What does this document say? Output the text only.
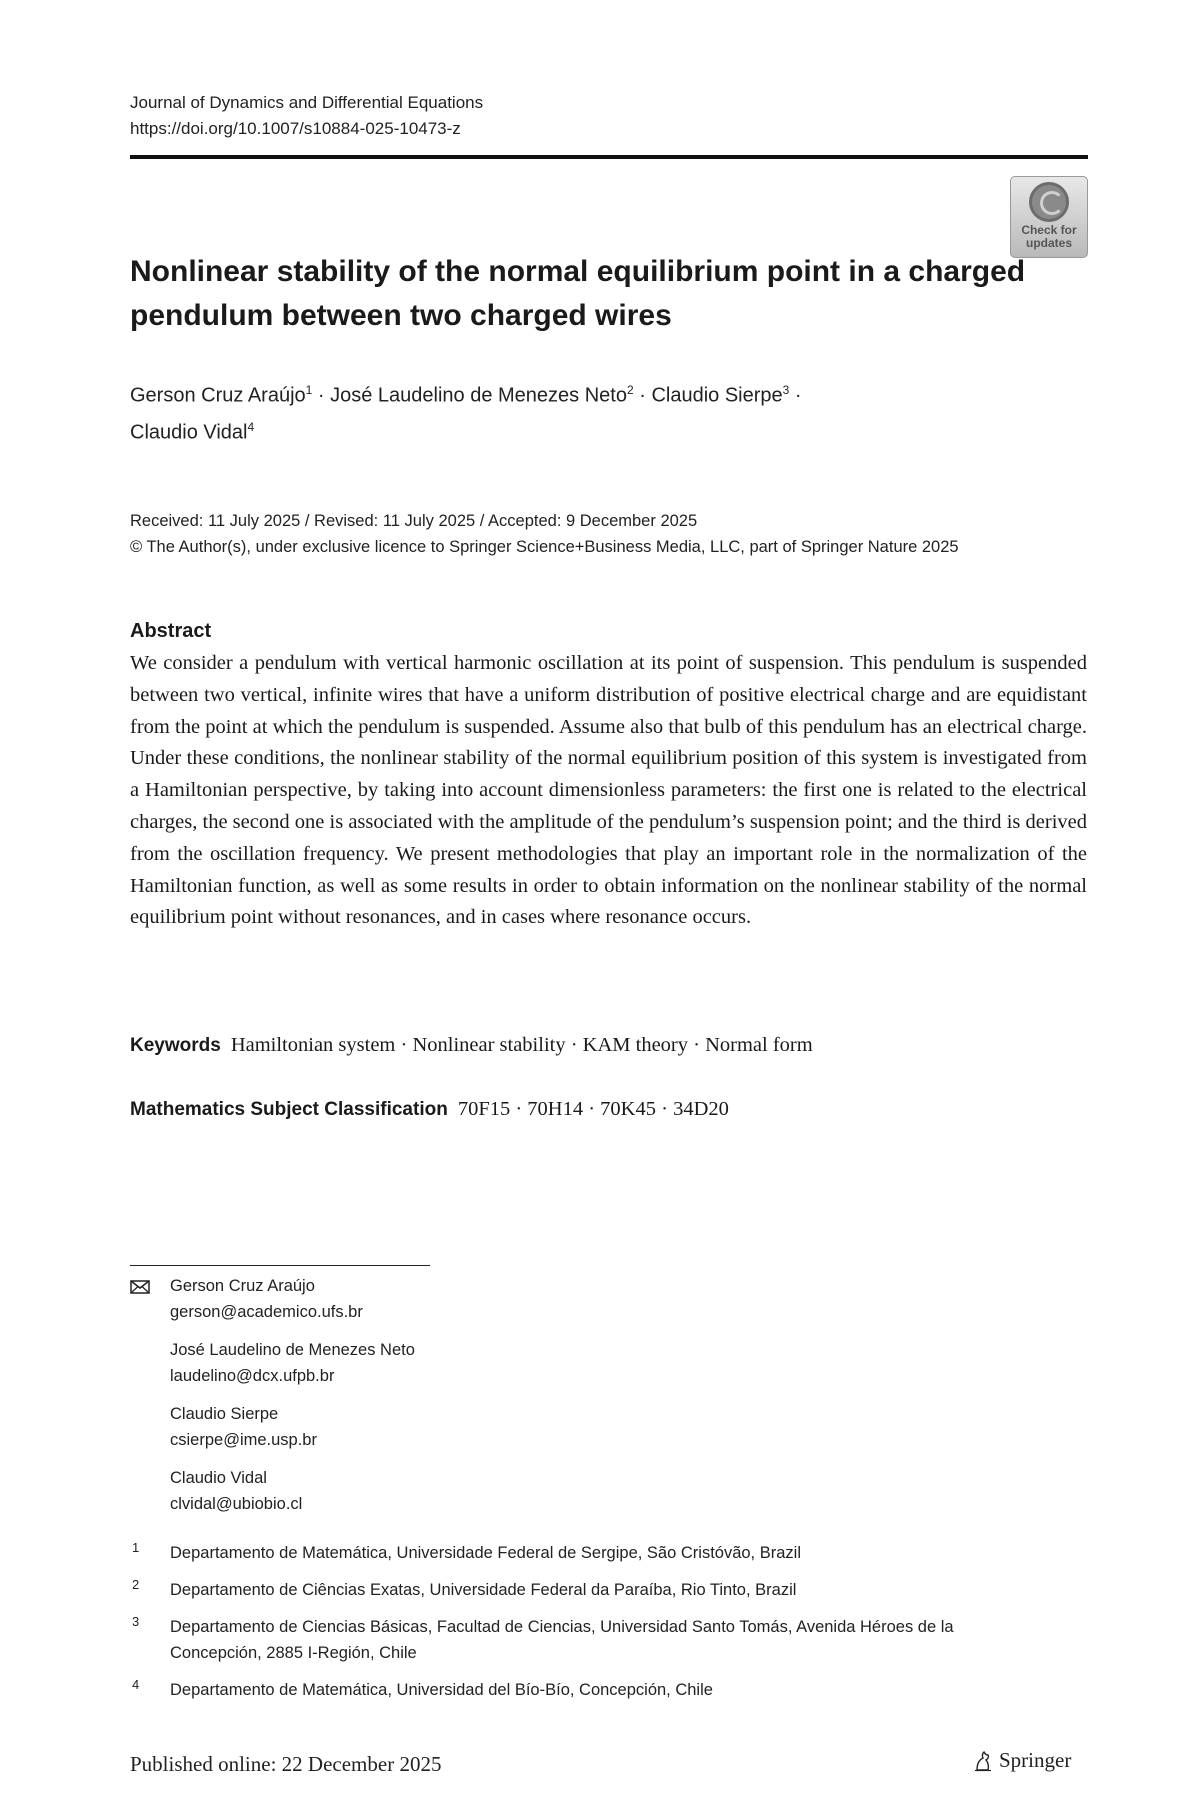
Journal of Dynamics and Differential Equations
https://doi.org/10.1007/s10884-025-10473-z
Check for
updates
Nonlinear stability of the normal equilibrium point in a charged pendulum between two charged wires
Gerson Cruz Araújo$^1$ · José Laudelino de Menezes Neto$^2$ · Claudio Sierpe$^3$ ·
Claudio Vidal$^4$
Received: 11 July 2025 / Revised: 11 July 2025 / Accepted: 9 December 2025
© The Author(s), under exclusive licence to Springer Science+Business Media, LLC, part of Springer Nature 2025
Abstract
We consider a pendulum with vertical harmonic oscillation at its point of suspension. This pendulum is suspended between two vertical, infinite wires that have a uniform distribution of positive electrical charge and are equidistant from the point at which the pendulum is suspended. Assume also that bulb of this pendulum has an electrical charge. Under these conditions, the nonlinear stability of the normal equilibrium position of this system is investigated from a Hamiltonian perspective, by taking into account dimensionless parameters: the first one is related to the electrical charges, the second one is associated with the amplitude of the pendulum’s suspension point; and the third is derived from the oscillation frequency. We present methodologies that play an important role in the normalization of the Hamiltonian function, as well as some results in order to obtain information on the nonlinear stability of the normal equilibrium point without resonances, and in cases where resonance occurs.
Keywords Hamiltonian system · Nonlinear stability · KAM theory · Normal form
Mathematics Subject Classification 70F15 · 70H14 · 70K45 · 34D20
Gerson Cruz Araújo
gerson@academico.ufs.br
José Laudelino de Menezes Neto
laudelino@dcx.ufpb.br
Claudio Sierpe
csierpe@ime.usp.br
Claudio Vidal
clvidal@ubiobio.cl
1 Departamento de Matemática, Universidade Federal de Sergipe, São Cristóvão, Brazil
2 Departamento de Ciências Exatas, Universidade Federal da Paraíba, Rio Tinto, Brazil
3 Departamento de Ciencias Básicas, Facultad de Ciencias, Universidad Santo Tomás, Avenida Héroes de la Concepción, 2885 I-Región, Chile
4 Departamento de Matemática, Universidad del Bío-Bío, Concepción, Chile
Published online: 22 December 2025	Springer
